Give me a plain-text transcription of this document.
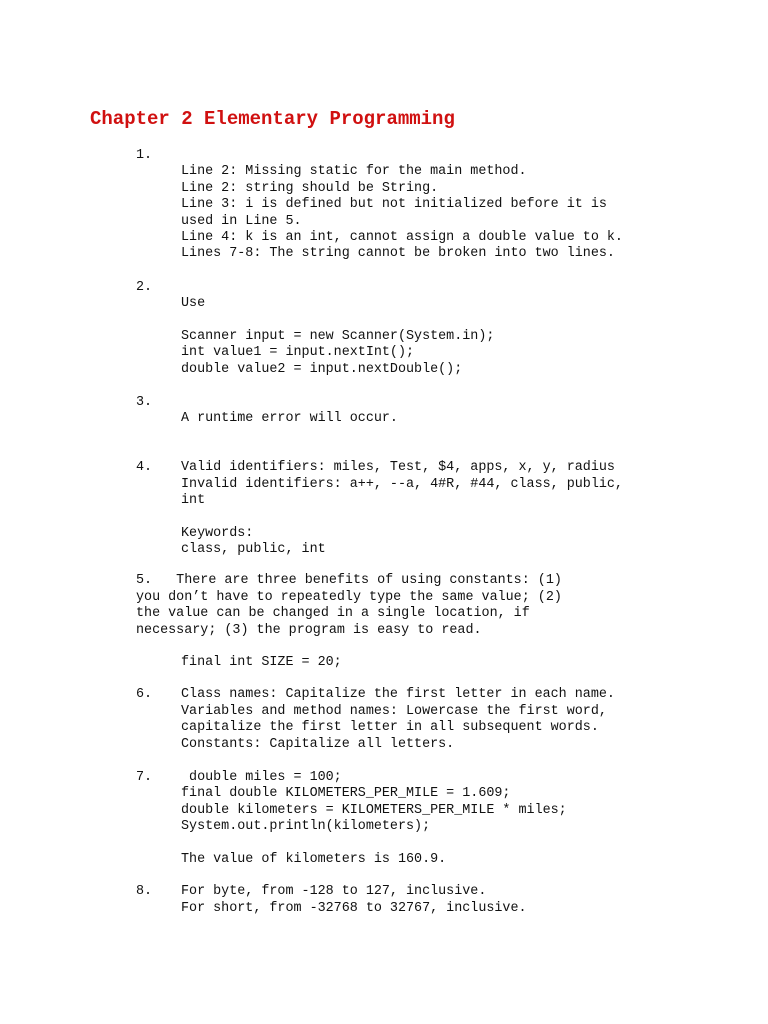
Chapter 2 Elementary Programming
1.
Line 2: Missing static for the main method.
Line 2: string should be String.
Line 3: i is defined but not initialized before it is
used in Line 5.
Line 4: k is an int, cannot assign a double value to k.
Lines 7-8: The string cannot be broken into two lines.
2.
Use
Scanner input = new Scanner(System.in);
int value1 = input.nextInt();
double value2 = input.nextDouble();
3.
A runtime error will occur.
4. Valid identifiers: miles, Test, $4, apps, x, y, radius
Invalid identifiers: a++, --a, 4#R, #44, class, public,
int
Keywords:
class, public, int
5.   There are three benefits of using constants: (1)
you don’t have to repeatedly type the same value; (2)
the value can be changed in a single location, if
necessary; (3) the program is easy to read.
final int SIZE = 20;
6. Class names: Capitalize the first letter in each name.
Variables and method names: Lowercase the first word,
capitalize the first letter in all subsequent words.
Constants: Capitalize all letters.
7. double miles = 100;
final double KILOMETERS_PER_MILE = 1.609;
double kilometers = KILOMETERS_PER_MILE * miles;
System.out.println(kilometers);
The value of kilometers is 160.9.
8. For byte, from -128 to 127, inclusive.
For short, from -32768 to 32767, inclusive.
